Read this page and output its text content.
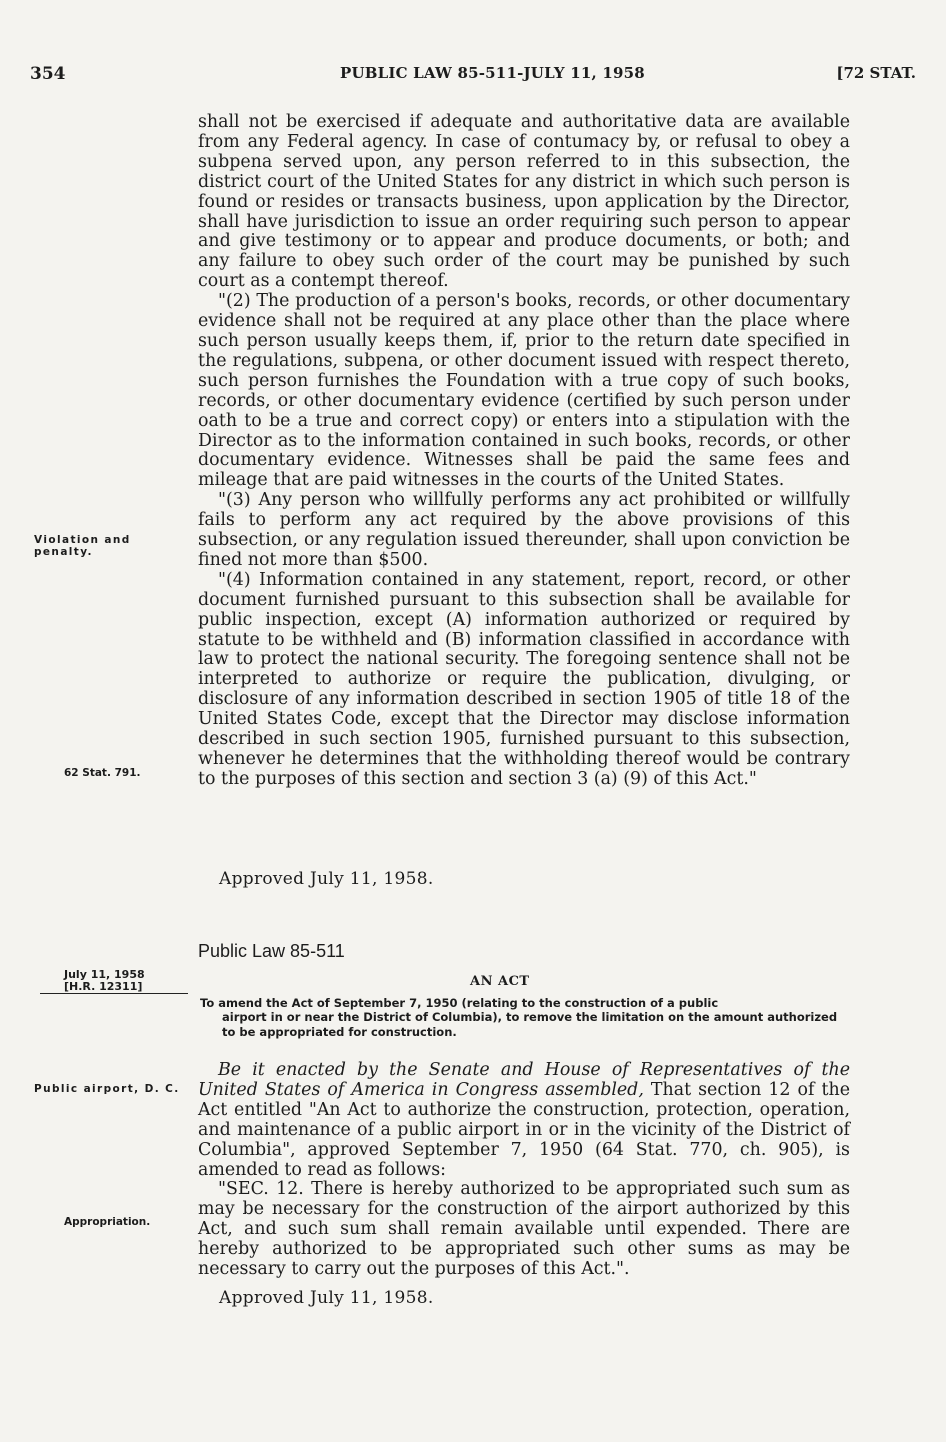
354	PUBLIC LAW 85-511-JULY 11, 1958	[72 STAT.

shall not be exercised if adequate and authoritative data are available from any Federal agency. In case of contumacy by, or refusal to obey a subpena served upon, any person referred to in this subsection, the district court of the United States for any district in which such person is found or resides or transacts business, upon application by the Director, shall have jurisdiction to issue an order requiring such person to appear and give testimony or to appear and produce documents, or both; and any failure to obey such order of the court may be punished by such court as a contempt thereof.

"(2) The production of a person's books, records, or other documentary evidence shall not be required at any place other than the place where such person usually keeps them, if, prior to the return date specified in the regulations, subpena, or other document issued with respect thereto, such person furnishes the Foundation with a true copy of such books, records, or other documentary evidence (certified by such person under oath to be a true and correct copy) or enters into a stipulation with the Director as to the information contained in such books, records, or other documentary evidence. Witnesses shall be paid the same fees and mileage that are paid witnesses in the courts of the United States.

"(3) Any person who willfully performs any act prohibited or willfully fails to perform any act required by the above provisions of this subsection, or any regulation issued thereunder, shall upon conviction be fined not more than $500.

"(4) Information contained in any statement, report, record, or other document furnished pursuant to this subsection shall be available for public inspection, except (A) information authorized or required by statute to be withheld and (B) information classified in accordance with law to protect the national security. The foregoing sentence shall not be interpreted to authorize or require the publication, divulging, or disclosure of any information described in section 1905 of title 18 of the United States Code, except that the Director may disclose information described in such section 1905, furnished pursuant to this subsection, whenever he determines that the withholding thereof would be contrary to the purposes of this section and section 3 (a) (9) of this Act."

Approved July 11, 1958.
Violation and penalty.
62 Stat. 791.
Public Law 85-511
July 11, 1958
[H.R. 12311]	AN ACT
To amend the Act of September 7, 1950 (relating to the construction of a public
airport in or near the District of Columbia), to remove the limitation on the amount authorized to be appropriated for construction.
Public airport, D. C.

Be it enacted by the Senate and House of Representatives of the United States of America in Congress assembled, That section 12 of the Act entitled "An Act to authorize the construction, protection, operation, and maintenance of a public airport in or in the vicinity of the District of Columbia", approved September 7, 1950 (64 Stat. 770, ch. 905), is amended to read as follows:

"SEC. 12. There is hereby authorized to be appropriated such sum as may be necessary for the construction of the airport authorized by this Act, and such sum shall remain available until expended. There are hereby authorized to be appropriated such other sums as may be necessary to carry out the purposes of this Act.".

Appropriation.
Approved July 11, 1958.
